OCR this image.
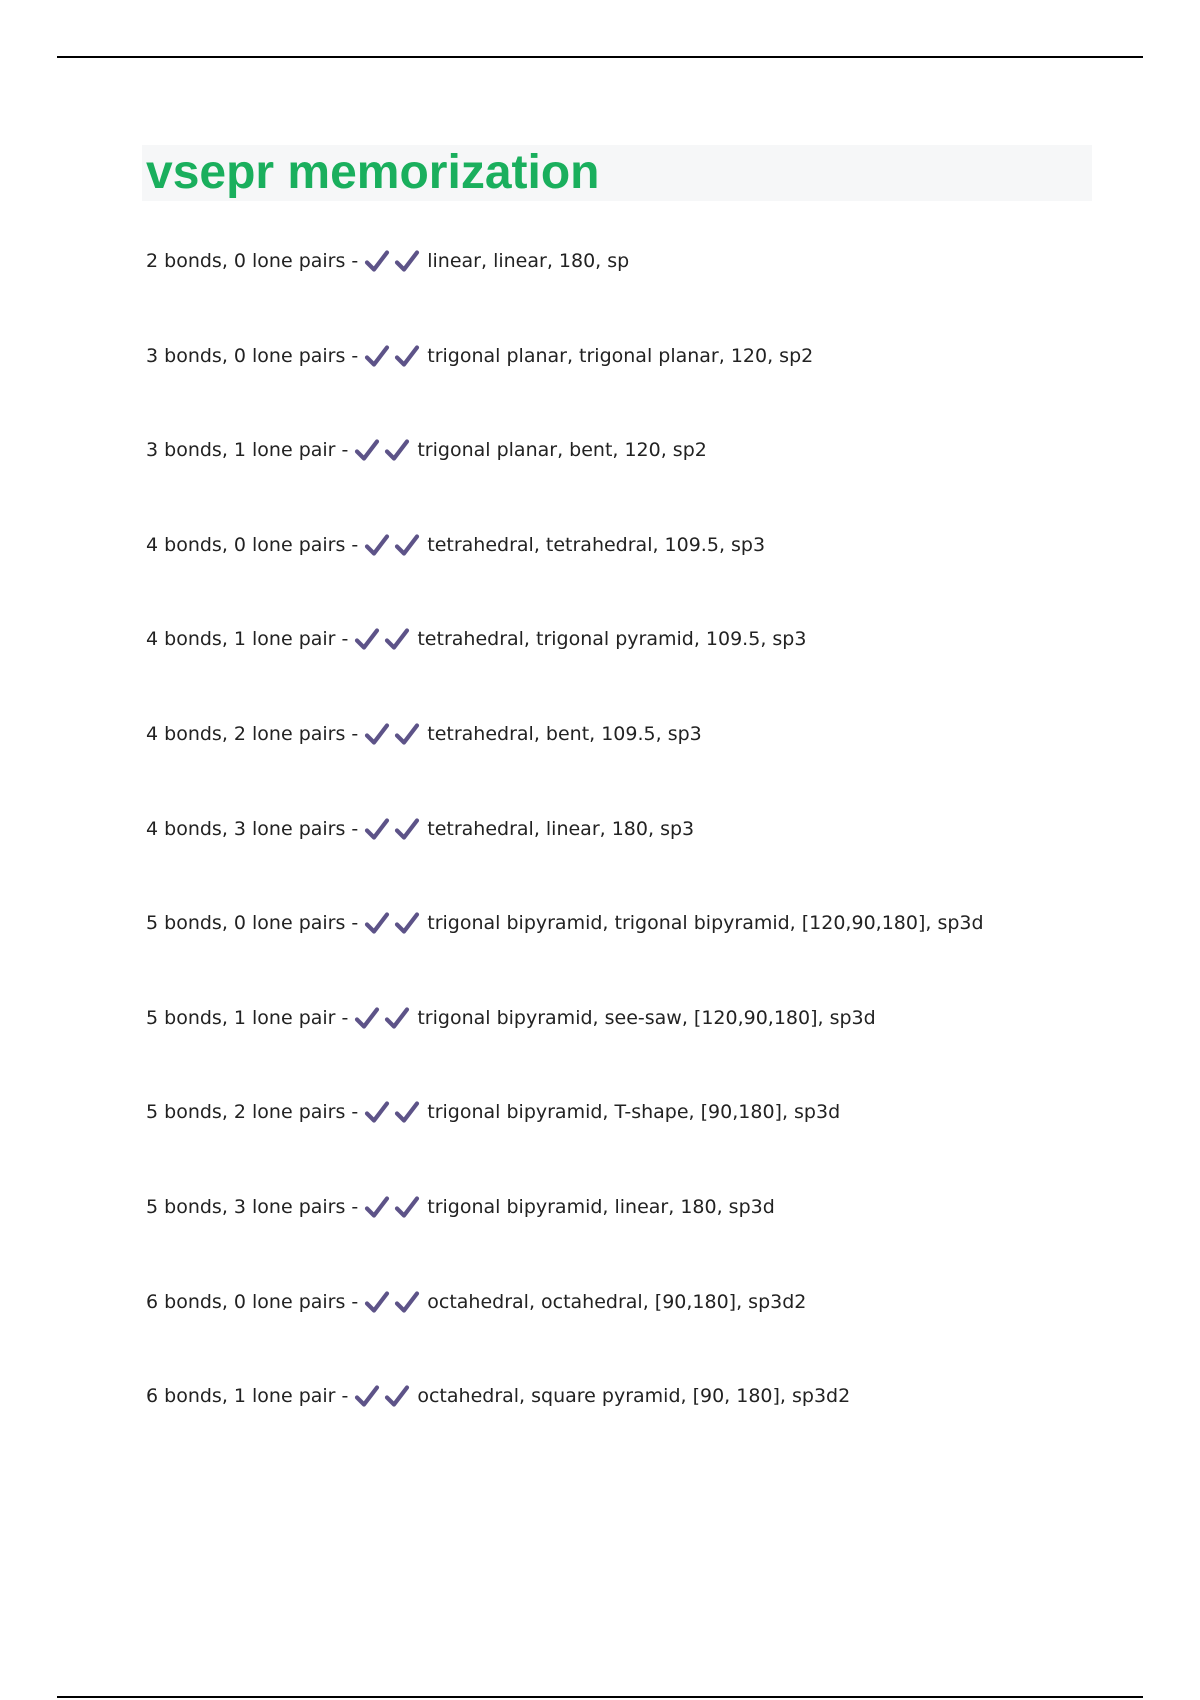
vsepr memorization
2 bonds, 0 lone pairs -	linear, linear, 180, sp
3 bonds, 0 lone pairs -	trigonal planar, trigonal planar, 120, sp2
3 bonds, 1 lone pair -	trigonal planar, bent, 120, sp2
4 bonds, 0 lone pairs -	tetrahedral, tetrahedral, 109.5, sp3
4 bonds, 1 lone pair -	tetrahedral, trigonal pyramid, 109.5, sp3
4 bonds, 2 lone pairs -	tetrahedral, bent, 109.5, sp3
4 bonds, 3 lone pairs -	tetrahedral, linear, 180, sp3
5 bonds, 0 lone pairs -	trigonal bipyramid, trigonal bipyramid, [120,90,180], sp3d
5 bonds, 1 lone pair -	trigonal bipyramid, see-saw, [120,90,180], sp3d
5 bonds, 2 lone pairs -	trigonal bipyramid, T-shape, [90,180], sp3d
5 bonds, 3 lone pairs -	trigonal bipyramid, linear, 180, sp3d
6 bonds, 0 lone pairs -	octahedral, octahedral, [90,180], sp3d2
6 bonds, 1 lone pair -	octahedral, square pyramid, [90, 180], sp3d2
